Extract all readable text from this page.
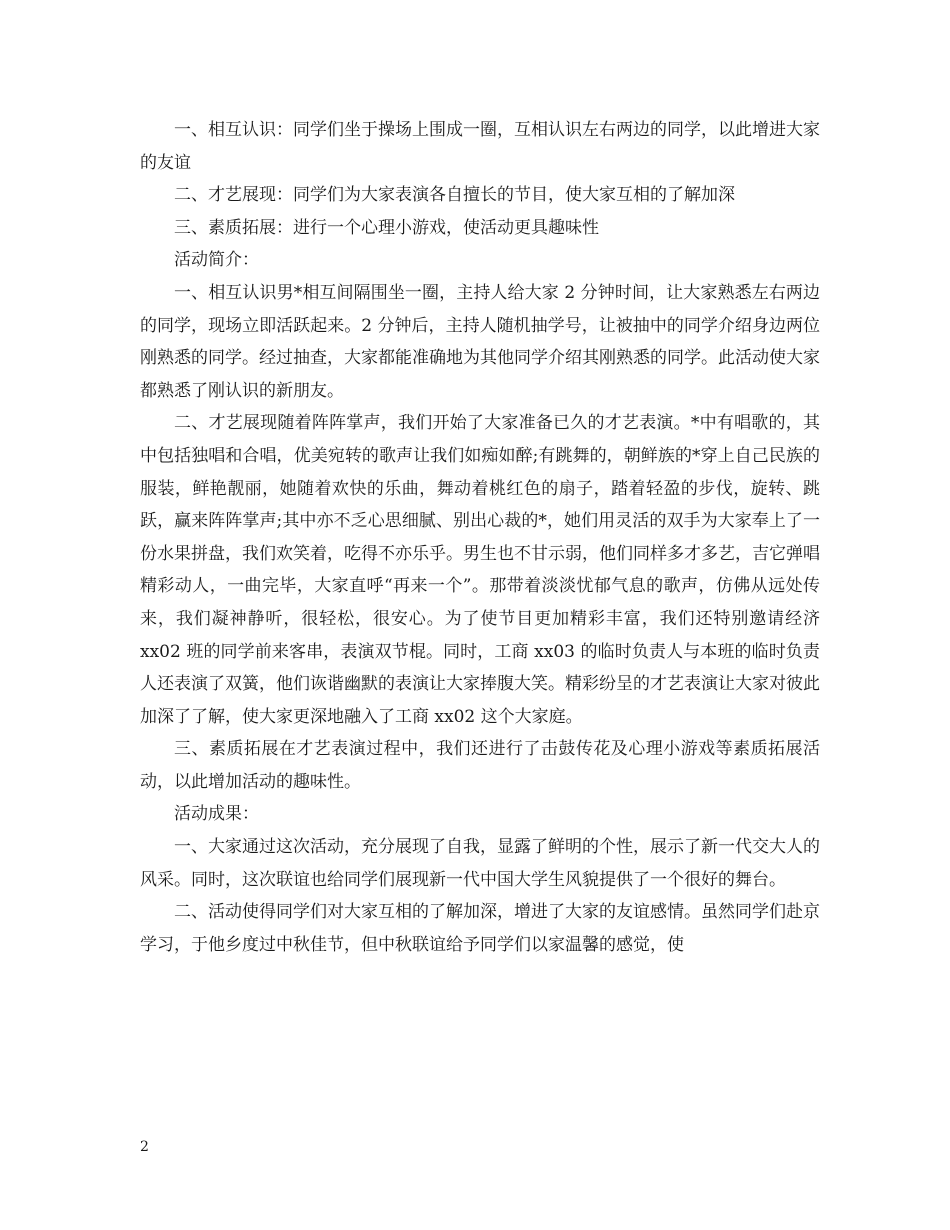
一、相互认识：同学们坐于操场上围成一圈，互相认识左右两边的同学，以此增进大家的友谊

二、才艺展现：同学们为大家表演各自擅长的节目，使大家互相的了解加深

三、素质拓展：进行一个心理小游戏，使活动更具趣味性

活动简介：

一、相互认识男*相互间隔围坐一圈，主持人给大家 2 分钟时间，让大家熟悉左右两边的同学，现场立即活跃起来。2 分钟后，主持人随机抽学号，让被抽中的同学介绍身边两位刚熟悉的同学。经过抽查，大家都能准确地为其他同学介绍其刚熟悉的同学。此活动使大家都熟悉了刚认识的新朋友。

二、才艺展现随着阵阵掌声，我们开始了大家准备已久的才艺表演。*中有唱歌的，其中包括独唱和合唱，优美宛转的歌声让我们如痴如醉;有跳舞的，朝鲜族的*穿上自己民族的服装，鲜艳靓丽，她随着欢快的乐曲，舞动着桃红色的扇子，踏着轻盈的步伐，旋转、跳跃，赢来阵阵掌声;其中亦不乏心思细腻、别出心裁的*，她们用灵活的双手为大家奉上了一份水果拼盘，我们欢笑着，吃得不亦乐乎。男生也不甘示弱，他们同样多才多艺，吉它弹唱精彩动人，一曲完毕，大家直呼“再来一个”。那带着淡淡忧郁气息的歌声，仿佛从远处传来，我们凝神静听，很轻松，很安心。为了使节目更加精彩丰富，我们还特别邀请经济 xx02 班的同学前来客串，表演双节棍。同时，工商 xx03 的临时负责人与本班的临时负责人还表演了双簧，他们诙谐幽默的表演让大家捧腹大笑。精彩纷呈的才艺表演让大家对彼此加深了了解，使大家更深地融入了工商 xx02 这个大家庭。

三、素质拓展在才艺表演过程中，我们还进行了击鼓传花及心理小游戏等素质拓展活动，以此增加活动的趣味性。

活动成果：

一、大家通过这次活动，充分展现了自我，显露了鲜明的个性，展示了新一代交大人的风采。同时，这次联谊也给同学们展现新一代中国大学生风貌提供了一个很好的舞台。

二、活动使得同学们对大家互相的了解加深，增进了大家的友谊感情。虽然同学们赴京学习，于他乡度过中秋佳节，但中秋联谊给予同学们以家温馨的感觉，使

2
